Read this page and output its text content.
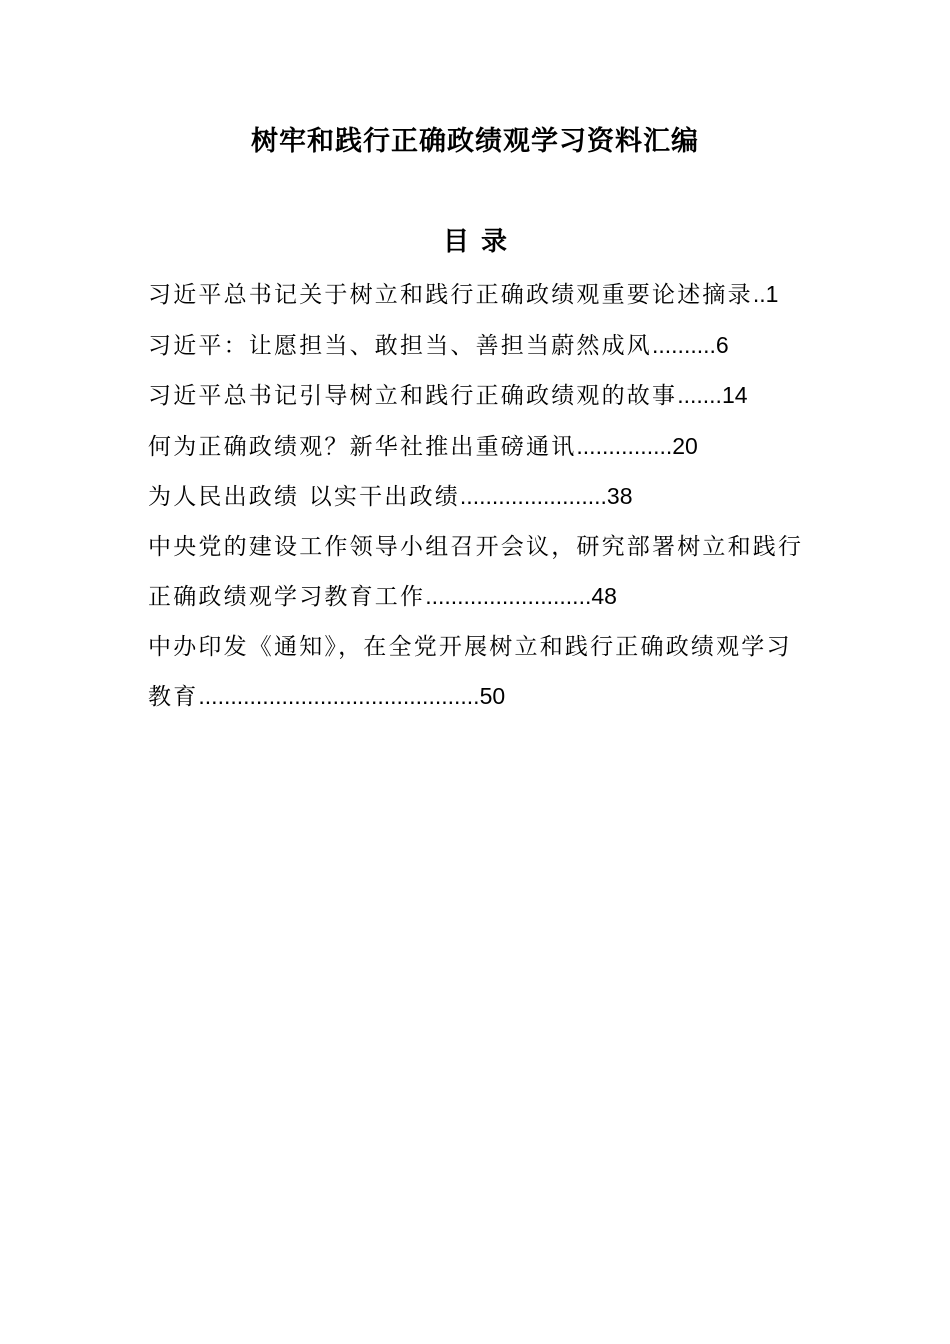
树牢和践行正确政绩观学习资料汇编
目录
习近平总书记关于树立和践行正确政绩观重要论述摘录..1
习近平：让愿担当、敢担当、善担当蔚然成风..........6
习近平总书记引导树立和践行正确政绩观的故事.......14
何为正确政绩观？新华社推出重磅通讯...............20
为人民出政绩 以实干出政绩.......................38
中央党的建设工作领导小组召开会议，研究部署树立和践行正确政绩观学习教育工作..........................48
中办印发《通知》，在全党开展树立和践行正确政绩观学习教育............................................50
